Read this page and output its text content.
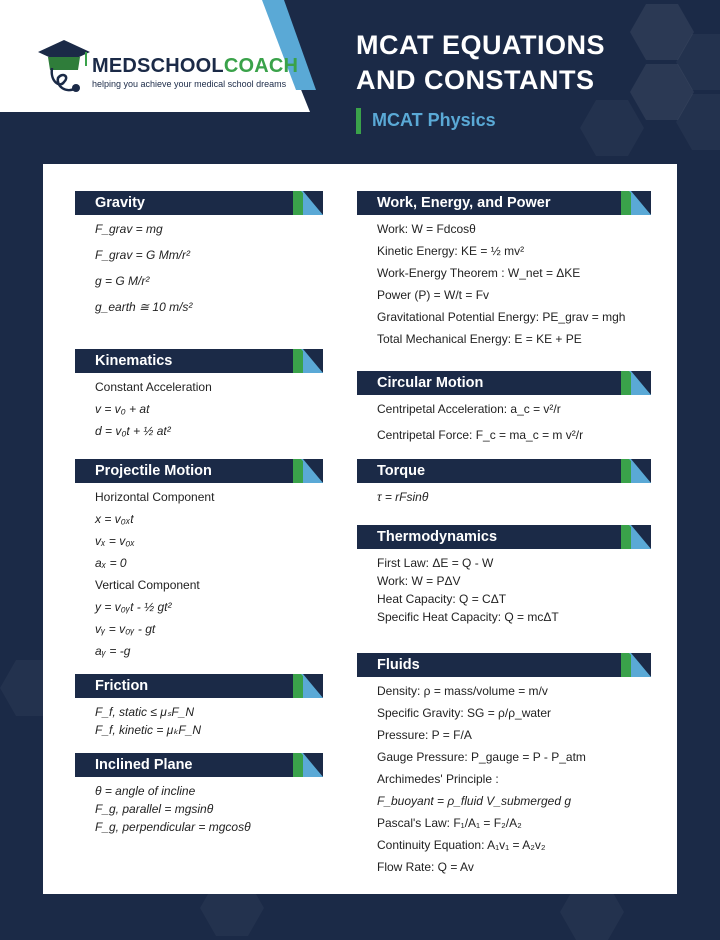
MEDSCHOOLCOACH
helping you achieve your medical school dreams
MCAT EQUATIONS
AND CONSTANTS
MCAT Physics
Gravity
F_grav = mg
F_grav = G Mm/r²
g = G M/r²
g_earth ≅ 10 m/s²
Kinematics
Constant Acceleration
v = v₀ + at
d = v₀t + ½ at²
Projectile Motion
Horizontal Component
x = v₀ₓt
vₓ = v₀ₓ
aₓ = 0
Vertical Component
y = v₀ᵧt - ½ gt²
vᵧ = v₀ᵧ - gt
aᵧ = -g
Friction
F_f, static ≤ μₛF_N
F_f, kinetic = μₖF_N
Inclined Plane
θ = angle of incline
F_g, parallel = mgsinθ
F_g, perpendicular = mgcosθ
Work, Energy, and Power
Work: W = Fdcosθ
Kinetic Energy: KE = ½ mv²
Work-Energy Theorem : W_net = ΔKE
Power (P) = W/t = Fv
Gravitational Potential Energy: PE_grav = mgh
Total Mechanical Energy: E = KE + PE
Circular Motion
Centripetal Acceleration: a_c = v²/r
Centripetal Force: F_c = ma_c = m v²/r
Torque
τ = rFsinθ
Thermodynamics
First Law: ΔE = Q - W
Work: W = PΔV
Heat Capacity: Q = CΔT
Specific Heat Capacity: Q = mcΔT
Fluids
Density: ρ = mass/volume = m/v
Specific Gravity: SG = ρ/ρ_water
Pressure: P = F/A
Gauge Pressure: P_gauge = P - P_atm
Archimedes' Principle :
F_buoyant = ρ_fluid V_submerged g
Pascal's Law: F₁/A₁ = F₂/A₂
Continuity Equation: A₁v₁ = A₂v₂
Flow Rate: Q = Av
